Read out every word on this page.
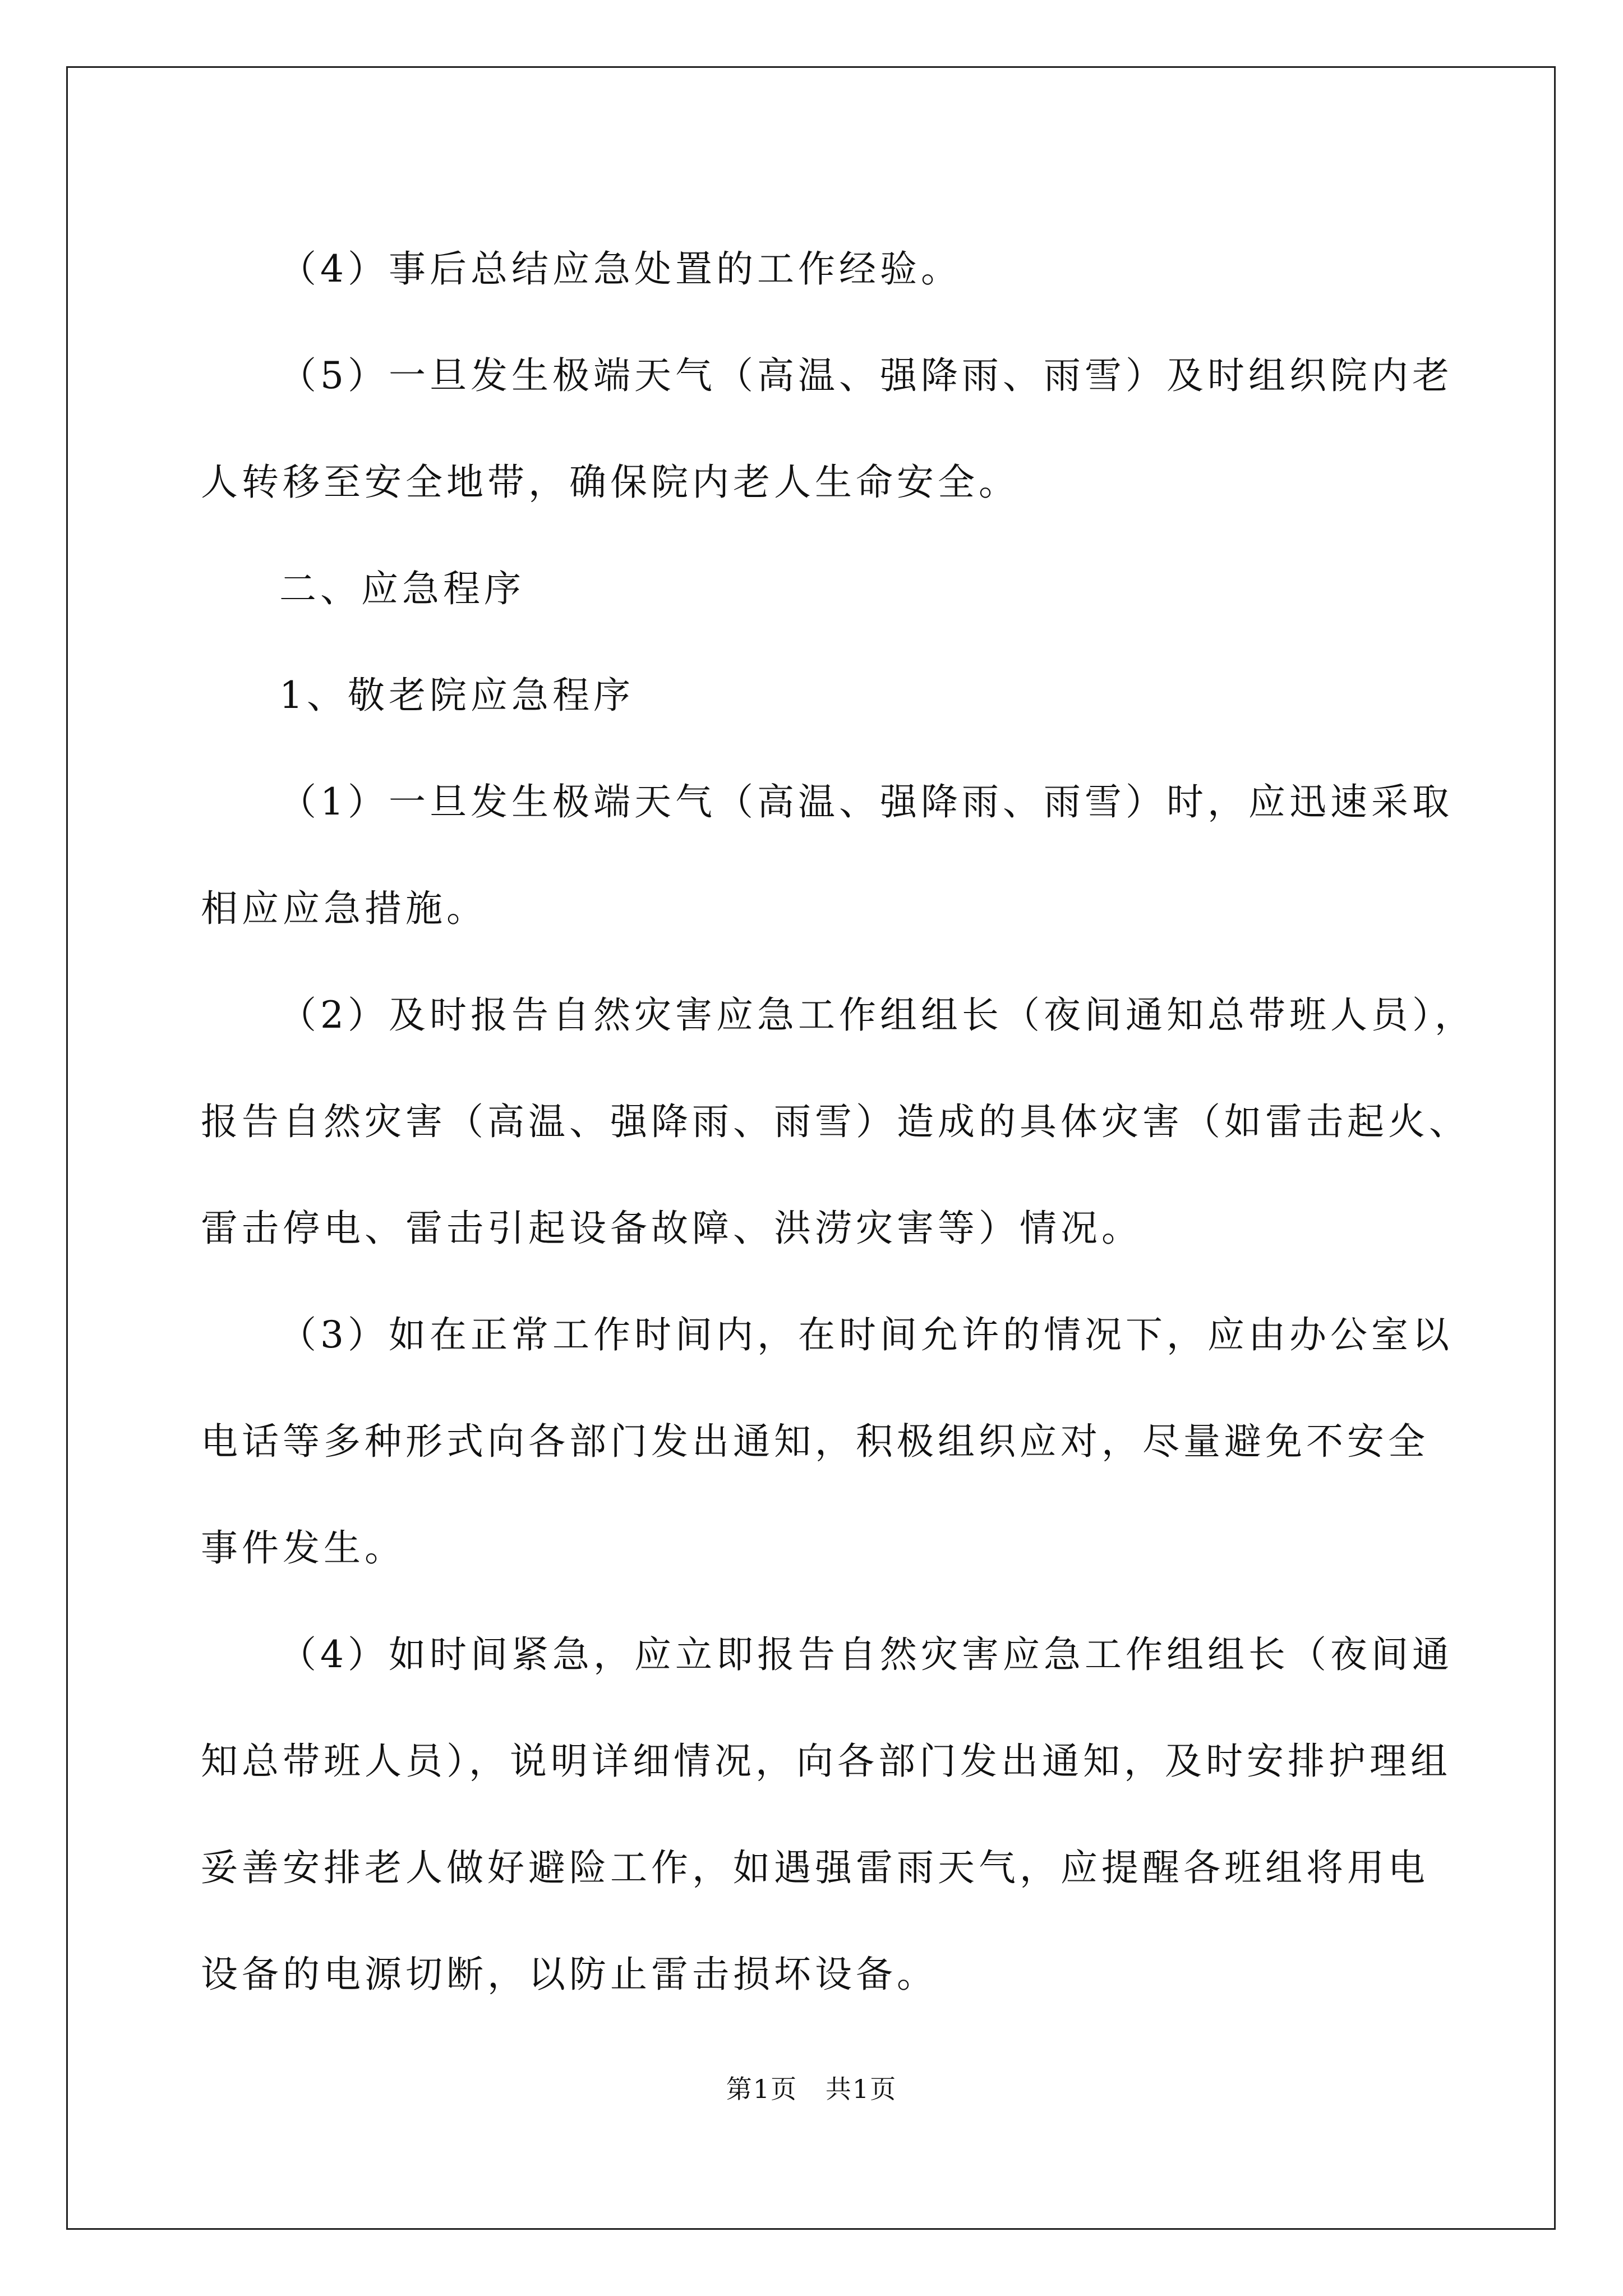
（4）事后总结应急处置的工作经验。

（5）一旦发生极端天气（高温、强降雨、雨雪）及时组织院内老

人转移至安全地带，确保院内老人生命安全。

二、应急程序

1、敬老院应急程序

（1）一旦发生极端天气（高温、强降雨、雨雪）时，应迅速采取

相应应急措施。

（2）及时报告自然灾害应急工作组组长（夜间通知总带班人员），

报告自然灾害（高温、强降雨、雨雪）造成的具体灾害（如雷击起火、

雷击停电、雷击引起设备故障、洪涝灾害等）情况。

（3）如在正常工作时间内，在时间允许的情况下，应由办公室以

电话等多种形式向各部门发出通知，积极组织应对，尽量避免不安全

事件发生。

（4）如时间紧急，应立即报告自然灾害应急工作组组长（夜间通

知总带班人员），说明详细情况，向各部门发出通知，及时安排护理组

妥善安排老人做好避险工作，如遇强雷雨天气，应提醒各班组将用电

设备的电源切断，以防止雷击损坏设备。

第1页   共1页
